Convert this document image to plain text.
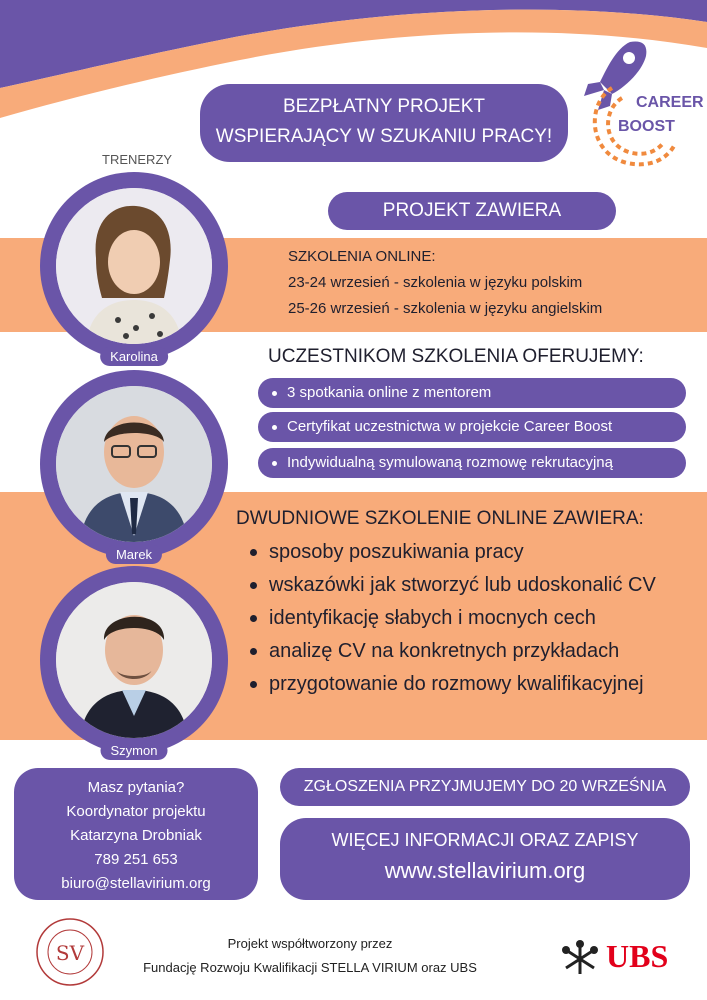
BEZPŁATNY PROJEKT
WSPIERAJĄCY W SZUKANIU PRACY!
CAREER
BOOST
TRENERZY
Karolina
Marek
Szymon
PROJEKT ZAWIERA
SZKOLENIA ONLINE:
23-24 wrzesień - szkolenia w języku polskim
25-26 wrzesień - szkolenia w języku angielskim
UCZESTNIKOM SZKOLENIA OFERUJEMY:
3 spotkania online z mentorem
Certyfikat uczestnictwa w projekcie Career Boost
Indywidualną symulowaną rozmowę rekrutacyjną
DWUDNIOWE SZKOLENIE ONLINE ZAWIERA:
sposoby poszukiwania pracy
wskazówki jak stworzyć lub udoskonalić CV
identyfikację słabych i mocnych cech
analizę CV na konkretnych przykładach
przygotowanie do rozmowy kwalifikacyjnej
Masz pytania?
Koordynator projektu
Katarzyna Drobniak
789 251 653
biuro@stellavirium.org
ZGŁOSZENIA PRZYJMUJEMY DO 20 WRZEŚNIA
WIĘCEJ INFORMACJI ORAZ ZAPISY
www.stellavirium.org
SV	Projekt współtworzony przez
Fundację Rozwoju Kwalifikacji STELLA VIRIUM oraz UBS	UBS
